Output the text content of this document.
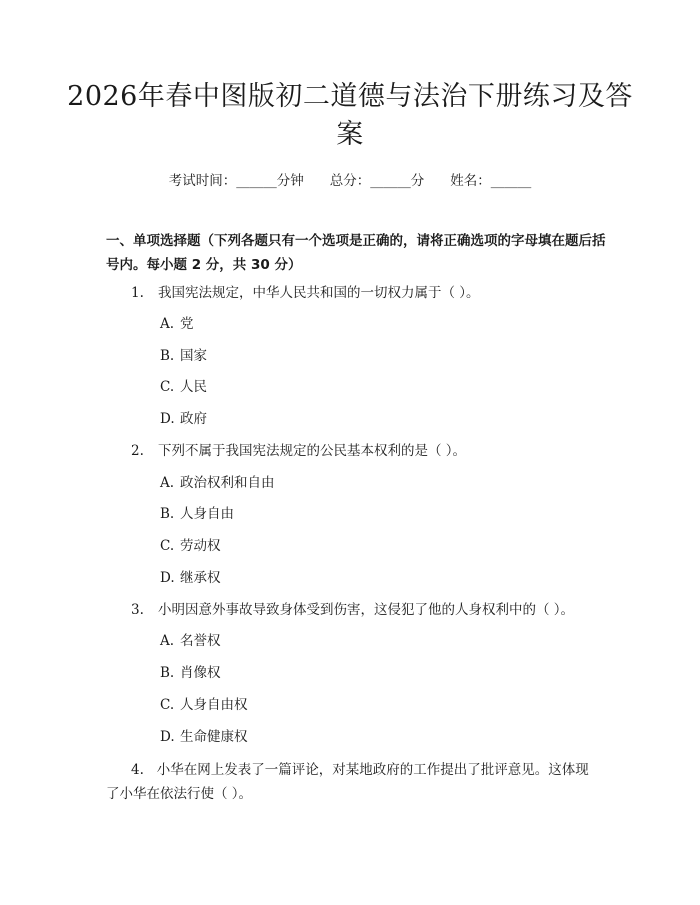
2026年春中图版初二道德与法治下册练习及答案
考试时间：______分钟 总分：______分 姓名：______
一、单项选择题（下列各题只有一个选项是正确的，请将正确选项的字母填在题后括号内。每小题 2 分，共 30 分）
1. 我国宪法规定，中华人民共和国的一切权力属于（ ）。
A. 党
B. 国家
C. 人民
D. 政府
2. 下列不属于我国宪法规定的公民基本权利的是（ ）。
A. 政治权利和自由
B. 人身自由
C. 劳动权
D. 继承权
3. 小明因意外事故导致身体受到伤害，这侵犯了他的人身权利中的（ ）。
A. 名誉权
B. 肖像权
C. 人身自由权
D. 生命健康权
4. 小华在网上发表了一篇评论，对某地政府的工作提出了批评意见。这体现了小华在依法行使（ ）。
